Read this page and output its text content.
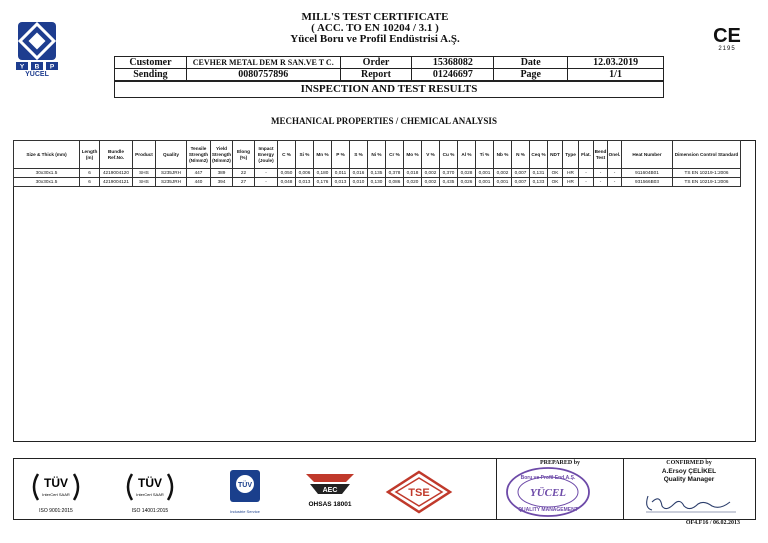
MILL'S TEST CERTIFICATE
( ACC. TO EN 10204 / 3.1 )
Yücel Boru ve Profil Endüstrisi A.Ş.
Y B P
YÜCEL
CE
2195
Customer	CEVHER METAL DEM R SAN.VE T C.	Order	15368082	Date	12.03.2019
Sending	0080757896	Report	01246697	Page	1/1
INSPECTION AND TEST RESULTS
MECHANICAL PROPERTIES / CHEMICAL ANALYSIS
Size & Thick (mm)	Length (m)	Bundle Ref.No.	Product	Quality	Tensile Strength (N/mm2)	Yield Strength (N/mm2)	Elong (%)	Impact Energy (Joule)	C %	Si %	Mn %	P %	S %	Ni %	Cr %	Mo %	V %	Cu %	Al %	Ti %	Nb %	N %	Ceq %	NDT	Type	Flat.	Bend Test	Onel.	Heat Number	Dimension Control Standard
30x30x1.5	6	4219004120	SHS	S235JRH	447	389	22	-	0,050	0,006	0,180	0,011	0,016	0,135	0,378	0,018	0,002	0,370	0,028	0,001	0,002	0,007	0,131	OK	HR	-	-	-	911604B01	TS EN 10219-1:2006
30x30x1.5	6	4219004121	SHS	S235JRH	440	394	27	-	0,048	0,013	0,176	0,013	0,010	0,130	0,086	0,020	0,002	0,435	0,026	0,001	0,001	0,007	0,133	OK	HR	-	-	-	931566B03	TS EN 10219-1:2006
PREPARED by	CONFIRMED by
TÜV
InterCert SAAR
ISO 9001:2015
TÜV
InterCert SAAR
ISO 14001:2015
TÜV
Industrie Service
AEC
OHSAS 18001
TSE
Boru ve Profil End.A.Ş.
YÜCEL
QUALITY MANAGEMENT
A.Ersoy ÇELİKEL
Quality Manager
OF4.F16 / 06.02.2013
